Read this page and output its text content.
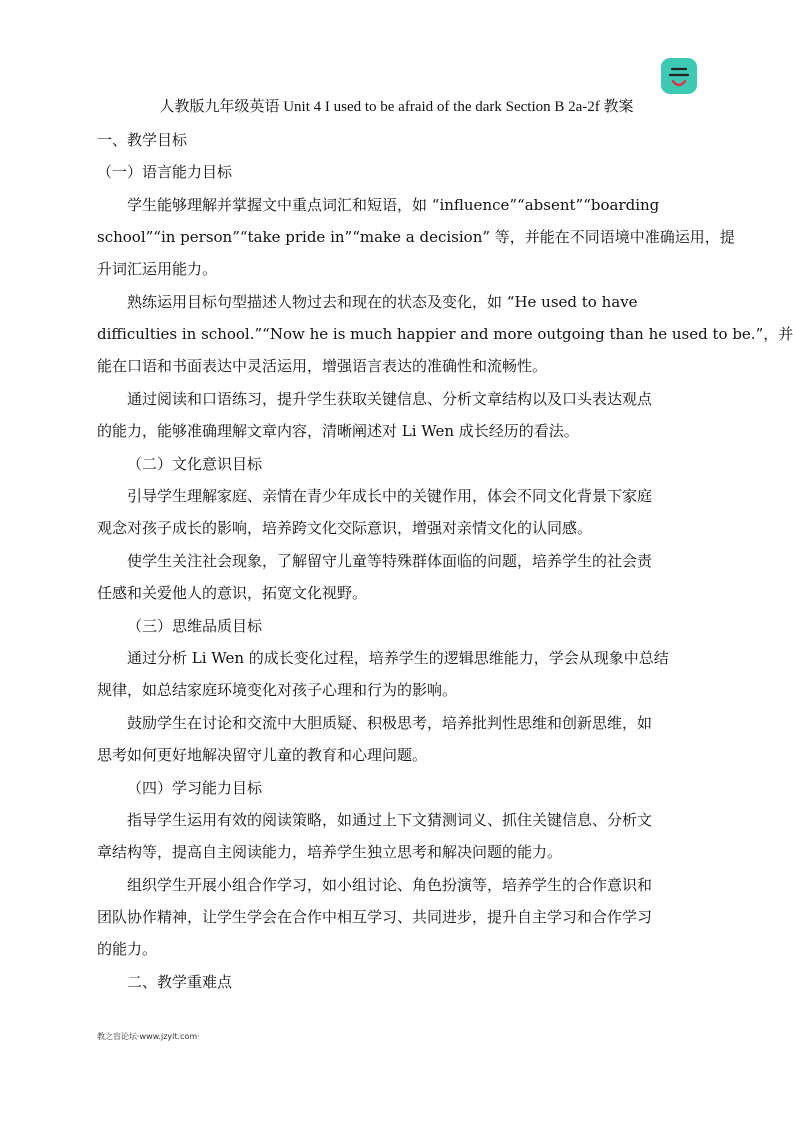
人教版九年级英语 Unit 4 I used to be afraid of the dark Section B 2a-2f 教案
一、教学目标
（一）语言能力目标
学生能够理解并掌握文中重点词汇和短语，如 “influence”“absent”“boarding
school”“in person”“take pride in”“make a decision” 等，并能在不同语境中准确运用，提
升词汇运用能力。
熟练运用目标句型描述人物过去和现在的状态及变化，如 “He used to have
difficulties in school.”“Now he is much happier and more outgoing than he used to be.”，并
能在口语和书面表达中灵活运用，增强语言表达的准确性和流畅性。
通过阅读和口语练习，提升学生获取关键信息、分析文章结构以及口头表达观点
的能力，能够准确理解文章内容，清晰阐述对 Li Wen 成长经历的看法。
（二）文化意识目标
引导学生理解家庭、亲情在青少年成长中的关键作用，体会不同文化背景下家庭
观念对孩子成长的影响，培养跨文化交际意识，增强对亲情文化的认同感。
使学生关注社会现象，了解留守儿童等特殊群体面临的问题，培养学生的社会责
任感和关爱他人的意识，拓宽文化视野。
（三）思维品质目标
通过分析 Li Wen 的成长变化过程，培养学生的逻辑思维能力，学会从现象中总结
规律，如总结家庭环境变化对孩子心理和行为的影响。
鼓励学生在讨论和交流中大胆质疑、积极思考，培养批判性思维和创新思维，如
思考如何更好地解决留守儿童的教育和心理问题。
（四）学习能力目标
指导学生运用有效的阅读策略，如通过上下文猜测词义、抓住关键信息、分析文
章结构等，提高自主阅读能力，培养学生独立思考和解决问题的能力。
组织学生开展小组合作学习，如小组讨论、角色扮演等，培养学生的合作意识和
团队协作精神，让学生学会在合作中相互学习、共同进步，提升自主学习和合作学习
的能力。
二、教学重难点
教之盲论坛·www.jzylt.com·
